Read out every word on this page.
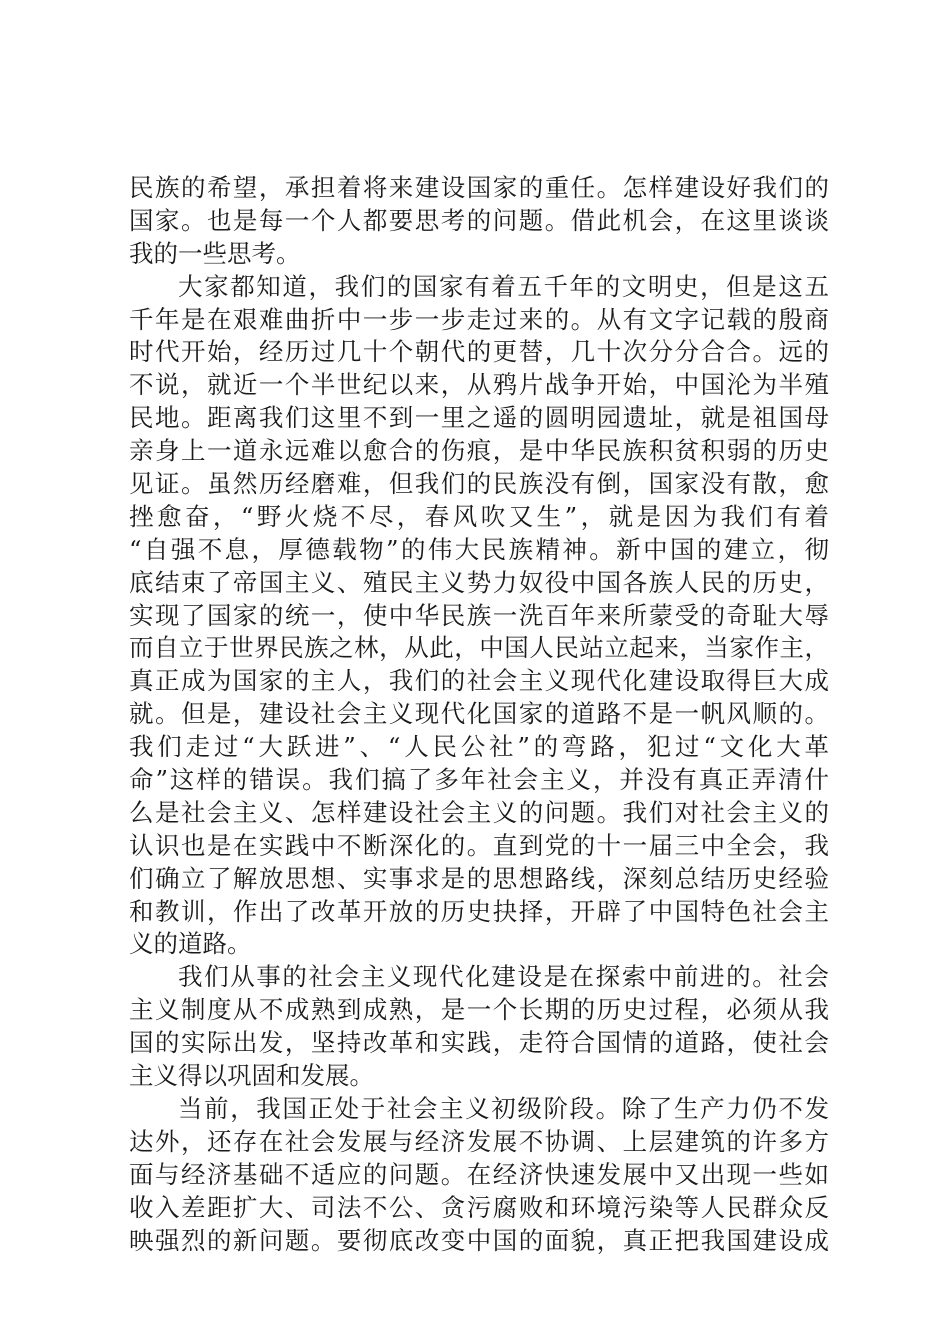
民族的希望，承担着将来建设国家的重任。怎样建设好我们的
国家。也是每一个人都要思考的问题。借此机会，在这里谈谈
我的一些思考。
大家都知道，我们的国家有着五千年的文明史，但是这五
千年是在艰难曲折中一步一步走过来的。从有文字记载的殷商
时代开始，经历过几十个朝代的更替，几十次分分合合。远的
不说，就近一个半世纪以来，从鸦片战争开始，中国沦为半殖
民地。距离我们这里不到一里之遥的圆明园遗址，就是祖国母
亲身上一道永远难以愈合的伤痕，是中华民族积贫积弱的历史
见证。虽然历经磨难，但我们的民族没有倒，国家没有散，愈
挫愈奋，“野火烧不尽，春风吹又生”，就是因为我们有着
“自强不息，厚德载物”的伟大民族精神。新中国的建立，彻
底结束了帝国主义、殖民主义势力奴役中国各族人民的历史，
实现了国家的统一，使中华民族一洗百年来所蒙受的奇耻大辱
而自立于世界民族之林，从此，中国人民站立起来，当家作主，
真正成为国家的主人，我们的社会主义现代化建设取得巨大成
就。但是，建设社会主义现代化国家的道路不是一帆风顺的。
我们走过“大跃进”、“人民公社”的弯路，犯过“文化大革
命”这样的错误。我们搞了多年社会主义，并没有真正弄清什
么是社会主义、怎样建设社会主义的问题。我们对社会主义的
认识也是在实践中不断深化的。直到党的十一届三中全会，我
们确立了解放思想、实事求是的思想路线，深刻总结历史经验
和教训，作出了改革开放的历史抉择，开辟了中国特色社会主
义的道路。
我们从事的社会主义现代化建设是在探索中前进的。社会
主义制度从不成熟到成熟，是一个长期的历史过程，必须从我
国的实际出发，坚持改革和实践，走符合国情的道路，使社会
主义得以巩固和发展。
当前，我国正处于社会主义初级阶段。除了生产力仍不发
达外，还存在社会发展与经济发展不协调、上层建筑的许多方
面与经济基础不适应的问题。在经济快速发展中又出现一些如
收入差距扩大、司法不公、贪污腐败和环境污染等人民群众反
映强烈的新问题。要彻底改变中国的面貌，真正把我国建设成
